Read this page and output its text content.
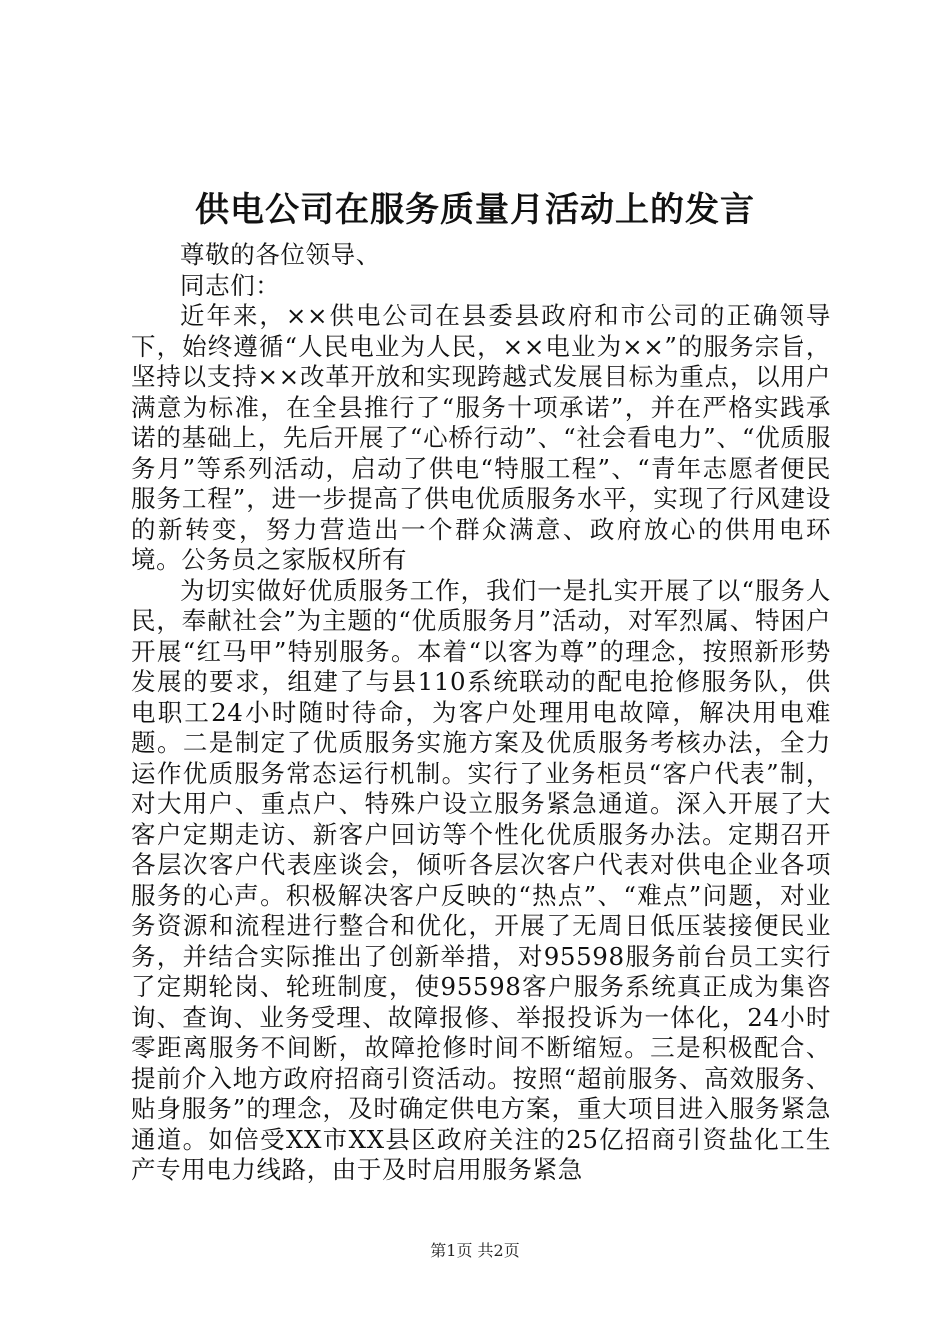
供电公司在服务质量月活动上的发言

尊敬的各位领导、

同志们：

近年来，××供电公司在县委县政府和市公司的正确领导下，始终遵循“人民电业为人民，××电业为××”的服务宗旨，坚持以支持××改革开放和实现跨越式发展目标为重点，以用户满意为标准，在全县推行了“服务十项承诺”，并在严格实践承诺的基础上，先后开展了“心桥行动”、“社会看电力”、“优质服务月”等系列活动，启动了供电“特服工程”、“青年志愿者便民服务工程”，进一步提高了供电优质服务水平，实现了行风建设的新转变，努力营造出一个群众满意、政府放心的供用电环境。公务员之家版权所有

为切实做好优质服务工作，我们一是扎实开展了以“服务人民，奉献社会”为主题的“优质服务月”活动，对军烈属、特困户开展“红马甲”特别服务。本着“以客为尊”的理念，按照新形势发展的要求，组建了与县110系统联动的配电抢修服务队，供电职工24小时随时待命，为客户处理用电故障，解决用电难题。二是制定了优质服务实施方案及优质服务考核办法，全力运作优质服务常态运行机制。实行了业务柜员“客户代表”制，对大用户、重点户、特殊户设立服务紧急通道。深入开展了大客户定期走访、新客户回访等个性化优质服务办法。定期召开各层次客户代表座谈会，倾听各层次客户代表对供电企业各项服务的心声。积极解决客户反映的“热点”、“难点”问题，对业务资源和流程进行整合和优化，开展了无周日低压装接便民业务，并结合实际推出了创新举措，对95598服务前台员工实行了定期轮岗、轮班制度，使95598客户服务系统真正成为集咨询、查询、业务受理、故障报修、举报投诉为一体化，24小时零距离服务不间断，故障抢修时间不断缩短。三是积极配合、提前介入地方政府招商引资活动。按照“超前服务、高效服务、贴身服务”的理念，及时确定供电方案，重大项目进入服务紧急通道。如倍受XX市XX县区政府关注的25亿招商引资盐化工生产专用电力线路，由于及时启用服务紧急

第1页 共2页
